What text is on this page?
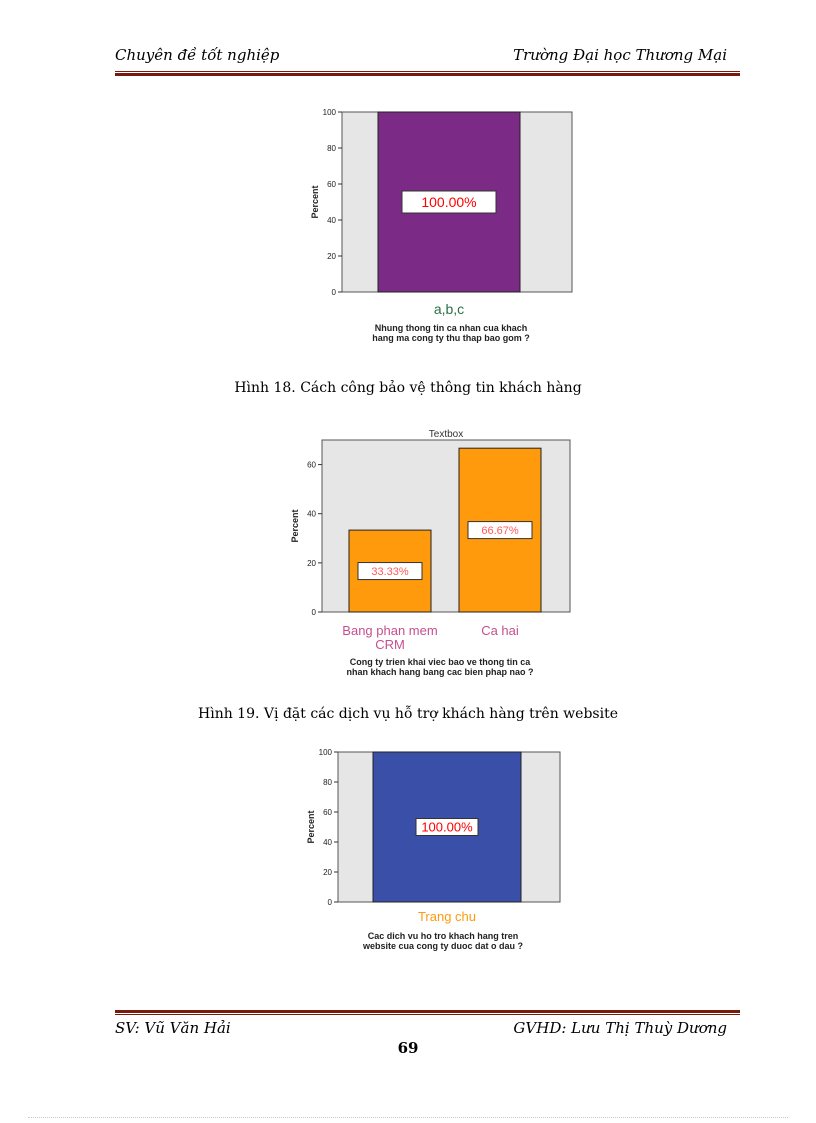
Chuyên đề tốt nghiệp	Trường Đại học Thương Mại
0
20
40
60
80
100
Percent	100.00%
a,b,c
Nhung thong tin ca nhan cua khach
hang ma cong ty thu thap bao gom ?
Hình 18. Cách công bảo vệ thông tin khách hàng
Textbox
0
20
40
60
Percent
33.33%
Bang phan mem
CRM
66.67%
Ca hai
Cong ty trien khai viec bao ve thong tin ca
nhan khach hang bang cac bien phap nao ?
Hình 19. Vị đặt các dịch vụ hỗ trợ khách hàng trên website
0
20
40
60
80
100
Percent	100.00%
Trang chu
Cac dich vu ho tro khach hang tren
website cua cong ty duoc dat o dau ?
SV: Vũ Văn Hải	GVHD: Lưu Thị Thuỳ Dương
69
